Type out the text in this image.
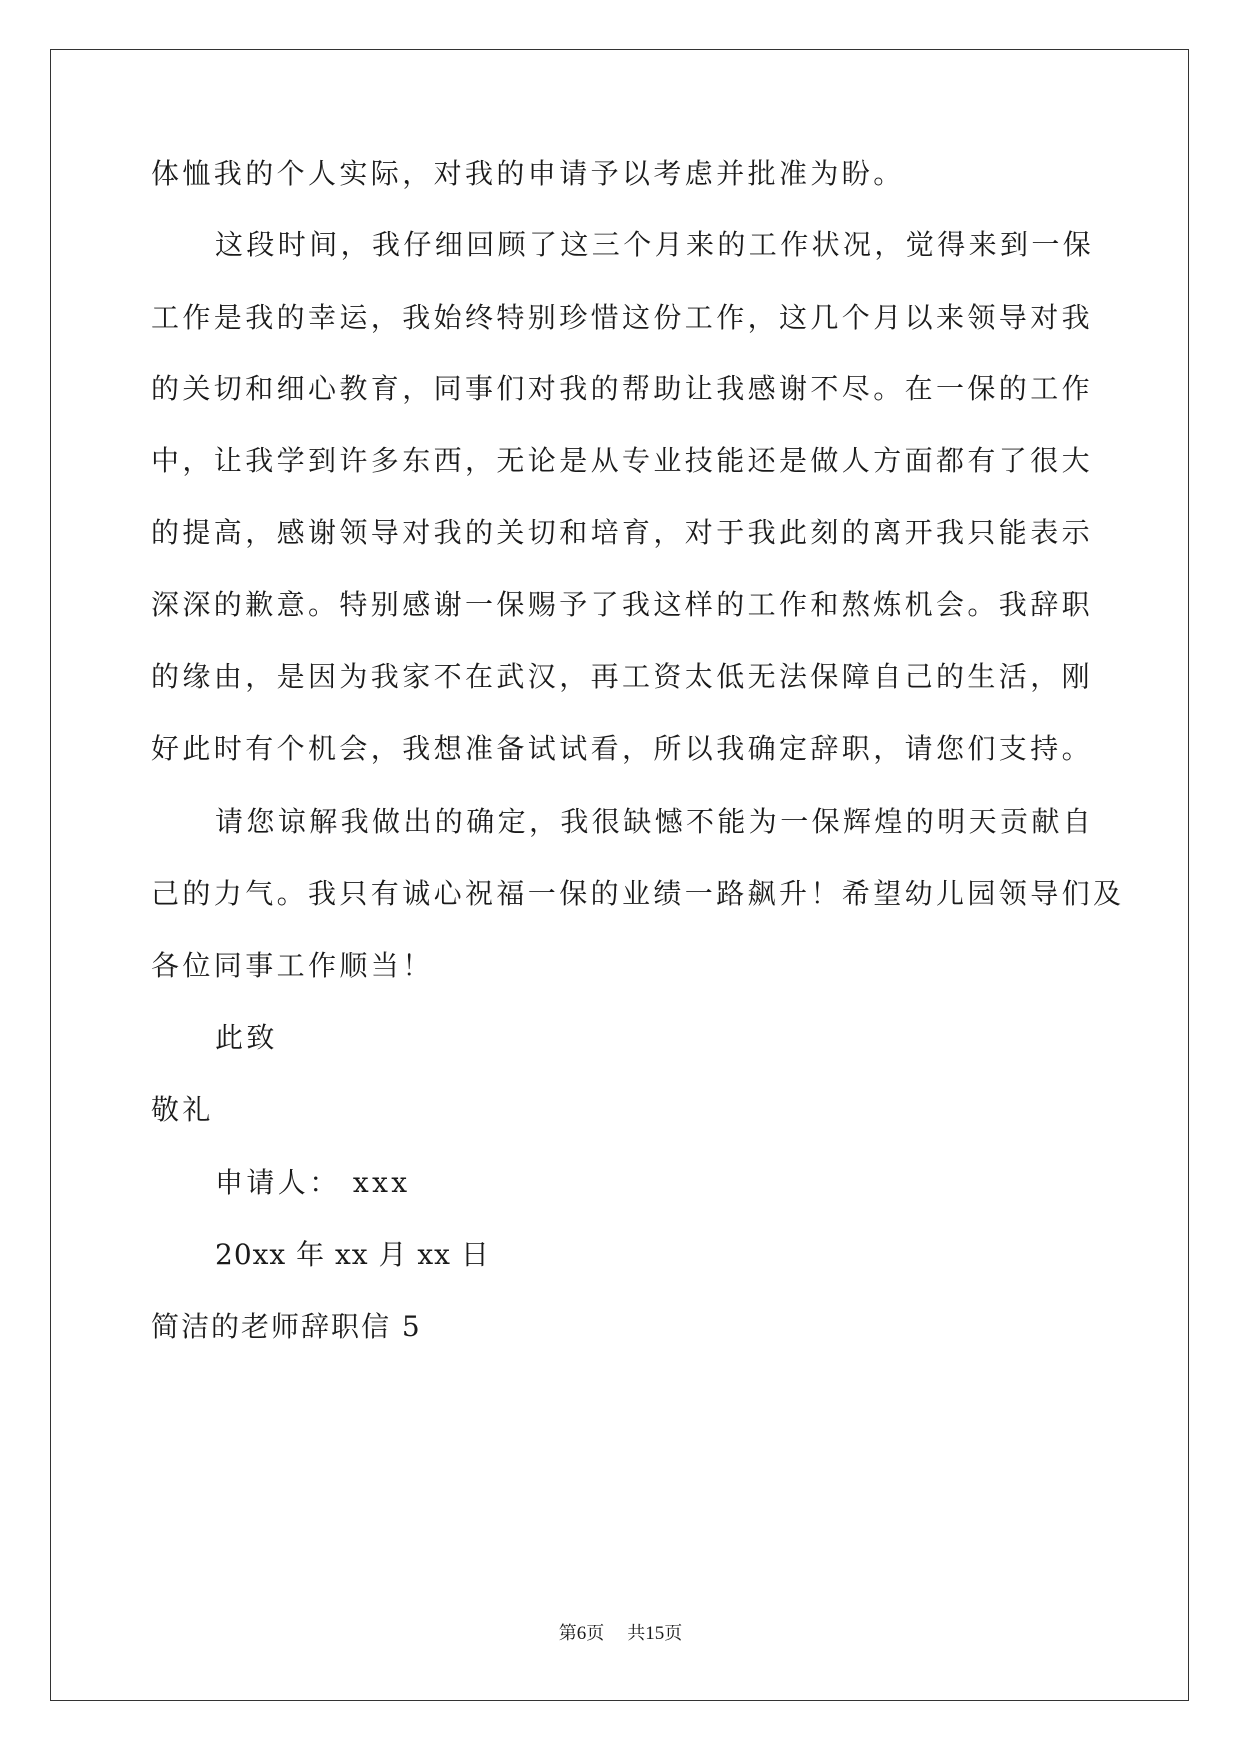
体恤我的个人实际，对我的申请予以考虑并批准为盼。
这段时间，我仔细回顾了这三个月来的工作状况，觉得来到一保
工作是我的幸运，我始终特别珍惜这份工作，这几个月以来领导对我
的关切和细心教育，同事们对我的帮助让我感谢不尽。在一保的工作
中，让我学到许多东西，无论是从专业技能还是做人方面都有了很大
的提高，感谢领导对我的关切和培育，对于我此刻的离开我只能表示
深深的歉意。特别感谢一保赐予了我这样的工作和熬炼机会。我辞职
的缘由，是因为我家不在武汉，再工资太低无法保障自己的生活，刚
好此时有个机会，我想准备试试看，所以我确定辞职，请您们支持。
请您谅解我做出的确定，我很缺憾不能为一保辉煌的明天贡献自
己的力气。我只有诚心祝福一保的业绩一路飙升！希望幼儿园领导们及
各位同事工作顺当！
此致
敬礼
申请人： xxx
20xx 年 xx 月 xx 日
简洁的老师辞职信 5
第6页 共15页
